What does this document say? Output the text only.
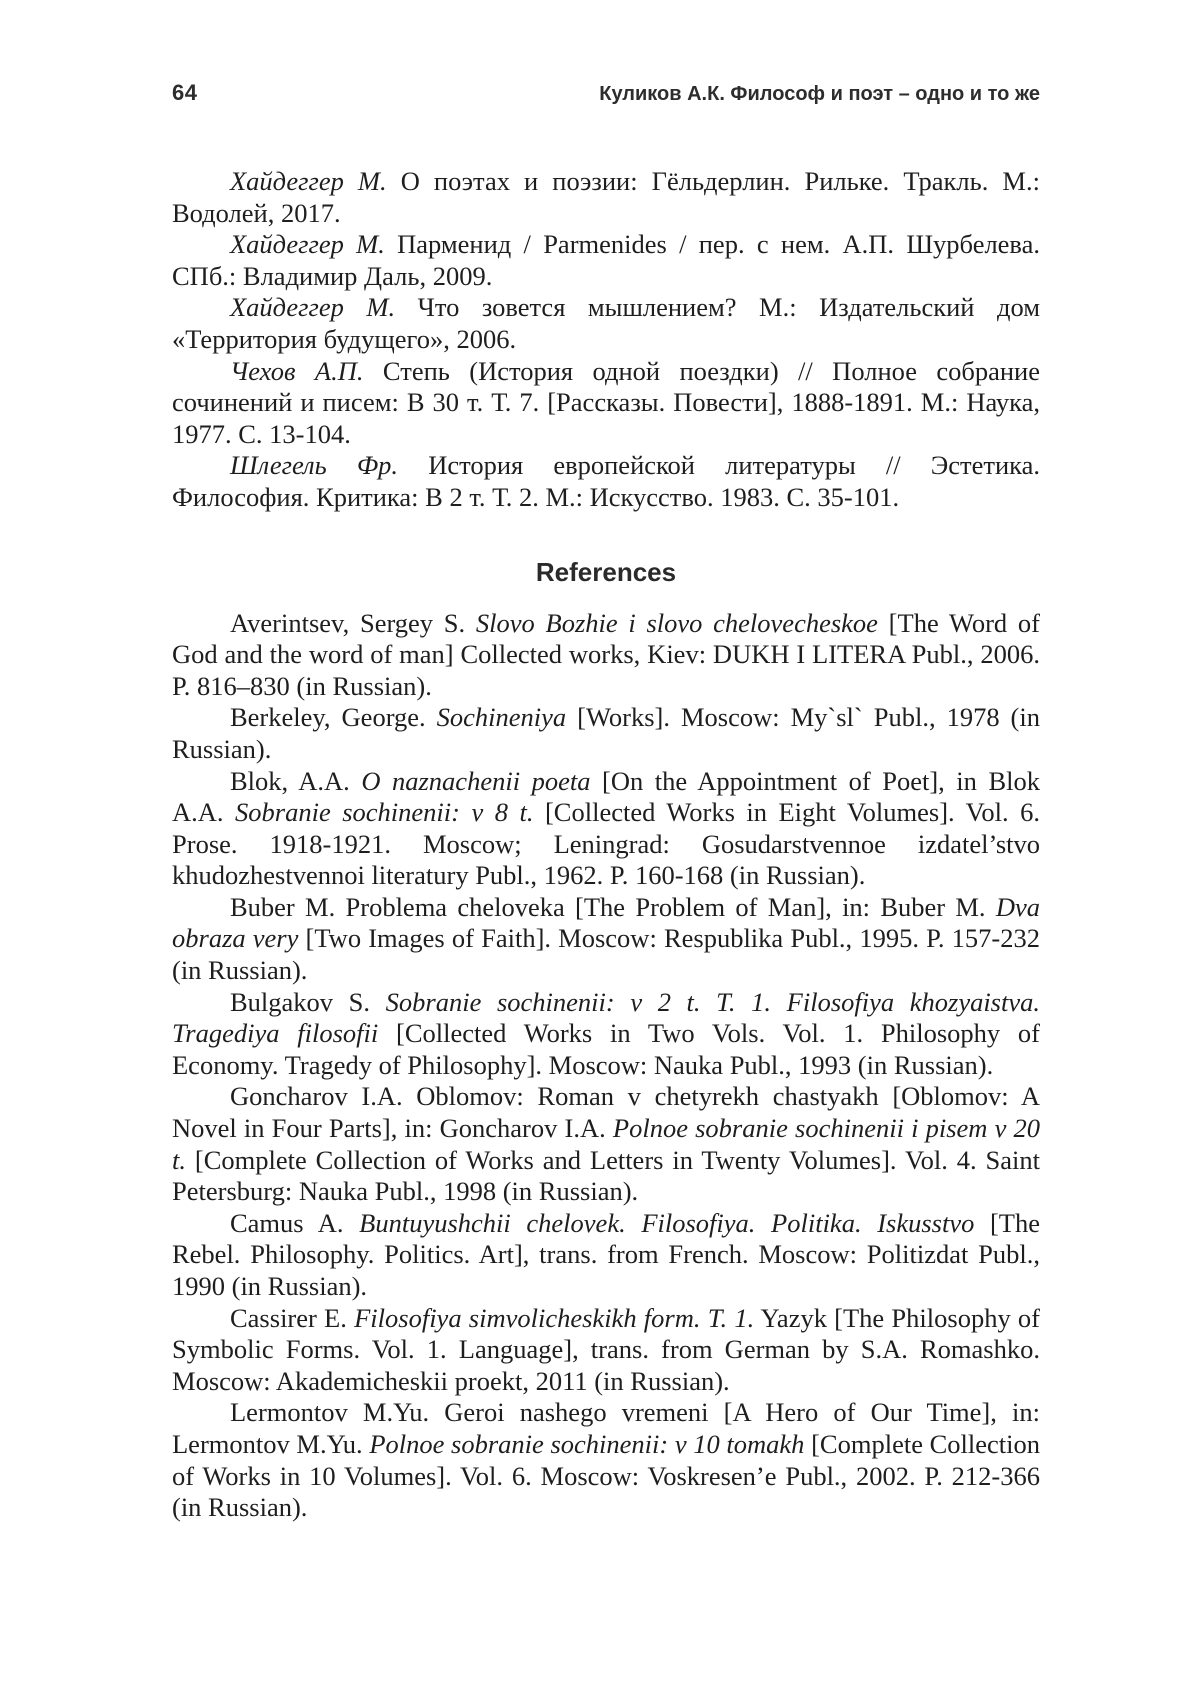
64	Куликов А.К. Философ и поэт – одно и то же

Хайдеггер М. О поэтах и поэзии: Гёльдерлин. Рильке. Тракль. М.: Водолей, 2017.

Хайдеггер М. Парменид / Parmenides / пер. с нем. А.П. Шурбелева. СПб.: Владимир Даль, 2009.

Хайдеггер М. Что зовется мышлением? М.: Издательский дом «Территория будущего», 2006.

Чехов А.П. Степь (История одной поездки) // Полное собрание сочинений и писем: В 30 т. Т. 7. [Рассказы. Повести], 1888-1891. М.: Наука, 1977. С. 13-104.

Шлегель Фр. История европейской литературы // Эстетика. Философия. Критика: В 2 т. Т. 2. М.: Искусство. 1983. С. 35-101.

References

Averintsev, Sergey S. Slovo Bozhie i slovo chelovecheskoe [The Word of God and the word of man] Collected works, Kiev: DUKH I LITERA Publ., 2006. P. 816–830 (in Russian).

Berkeley, George. Sochineniya [Works]. Moscow: My`sl` Publ., 1978 (in Russian).

Blok, A.A. O naznachenii poeta [On the Appointment of Poet], in Blok A.A. Sobranie sochinenii: v 8 t. [Collected Works in Eight Volumes]. Vol. 6. Prose. 1918-1921. Moscow; Leningrad: Gosudarstvennoe izdatel’stvo khudozhestvennoi literatury Publ., 1962. P. 160-168 (in Russian).

Buber M. Problema cheloveka [The Problem of Man], in: Buber M. Dva obraza very [Two Images of Faith]. Moscow: Respublika Publ., 1995. P. 157-232 (in Russian).

Bulgakov S. Sobranie sochinenii: v 2 t. T. 1. Filosofiya khozyaistva. Tragediya filosofii [Collected Works in Two Vols. Vol. 1. Philosophy of Economy. Tragedy of Philosophy]. Moscow: Nauka Publ., 1993 (in Russian).

Goncharov I.A. Oblomov: Roman v chetyrekh chastyakh [Oblomov: A Novel in Four Parts], in: Goncharov I.A. Polnoe sobranie sochinenii i pisem v 20 t. [Complete Collection of Works and Letters in Twenty Volumes]. Vol. 4. Saint Petersburg: Nauka Publ., 1998 (in Russian).

Camus A. Buntuyushchii chelovek. Filosofiya. Politika. Iskusstvo [The Rebel. Philosophy. Politics. Art], trans. from French. Moscow: Politizdat Publ., 1990 (in Russian).

Cassirer E. Filosofiya simvolicheskikh form. T. 1. Yazyk [The Philosophy of Symbolic Forms. Vol. 1. Language], trans. from German by S.A. Romashko. Moscow: Akademicheskii proekt, 2011 (in Russian).

Lermontov M.Yu. Geroi nashego vremeni [A Hero of Our Time], in: Lermontov M.Yu. Polnoe sobranie sochinenii: v 10 tomakh [Complete Collection of Works in 10 Volumes]. Vol. 6. Moscow: Voskresen’e Publ., 2002. P. 212-366 (in Russian).
